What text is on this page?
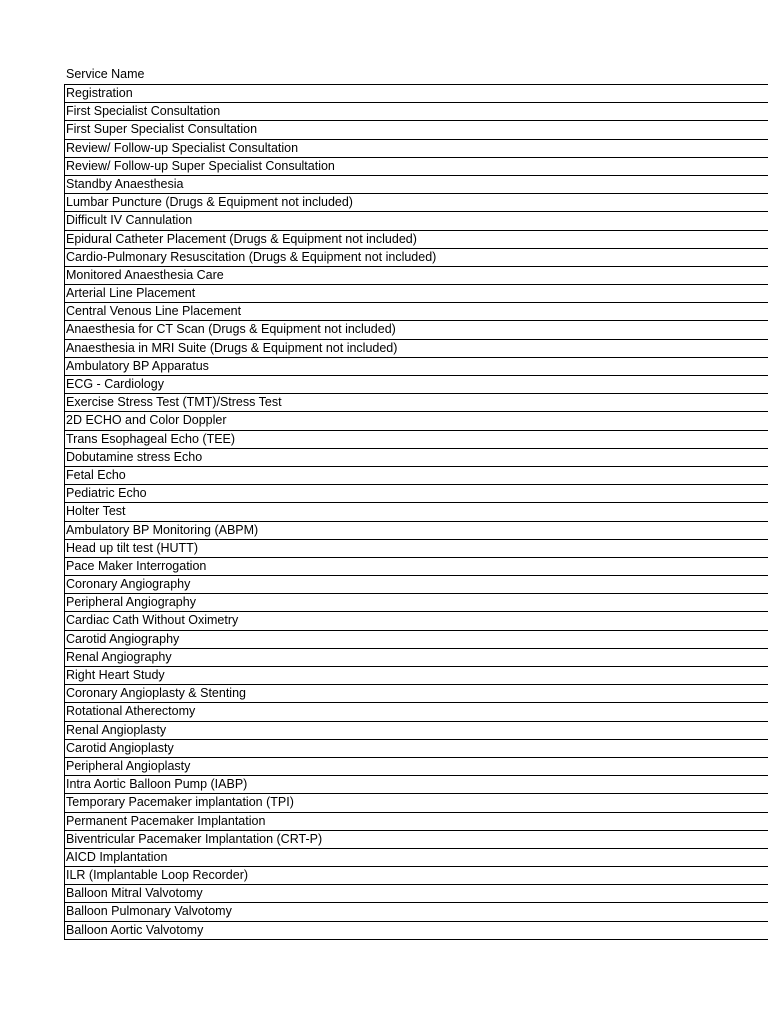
Service Name
Registration
First Specialist Consultation
First Super Specialist Consultation
Review/ Follow-up Specialist Consultation
Review/ Follow-up Super Specialist Consultation
Standby Anaesthesia
Lumbar Puncture (Drugs & Equipment not included)
Difficult IV Cannulation
Epidural Catheter Placement (Drugs & Equipment not included)
Cardio-Pulmonary Resuscitation (Drugs & Equipment not included)
Monitored Anaesthesia Care
Arterial Line Placement
Central Venous Line Placement
Anaesthesia for CT Scan (Drugs & Equipment not included)
Anaesthesia in MRI Suite (Drugs & Equipment not included)
Ambulatory BP Apparatus
ECG - Cardiology
Exercise Stress Test (TMT)/Stress Test
2D ECHO and Color Doppler
Trans Esophageal Echo (TEE)
Dobutamine stress Echo
Fetal Echo
Pediatric Echo
Holter Test
Ambulatory BP Monitoring (ABPM)
Head up tilt test (HUTT)
Pace Maker Interrogation
Coronary Angiography
Peripheral Angiography
Cardiac Cath Without Oximetry
Carotid Angiography
Renal Angiography
Right Heart Study
Coronary Angioplasty & Stenting
Rotational Atherectomy
Renal Angioplasty
Carotid Angioplasty
Peripheral Angioplasty
Intra Aortic Balloon Pump (IABP)
Temporary Pacemaker implantation (TPI)
Permanent Pacemaker Implantation
Biventricular Pacemaker Implantation (CRT-P)
AICD Implantation
ILR (Implantable Loop Recorder)
Balloon Mitral Valvotomy
Balloon Pulmonary Valvotomy
Balloon Aortic Valvotomy
